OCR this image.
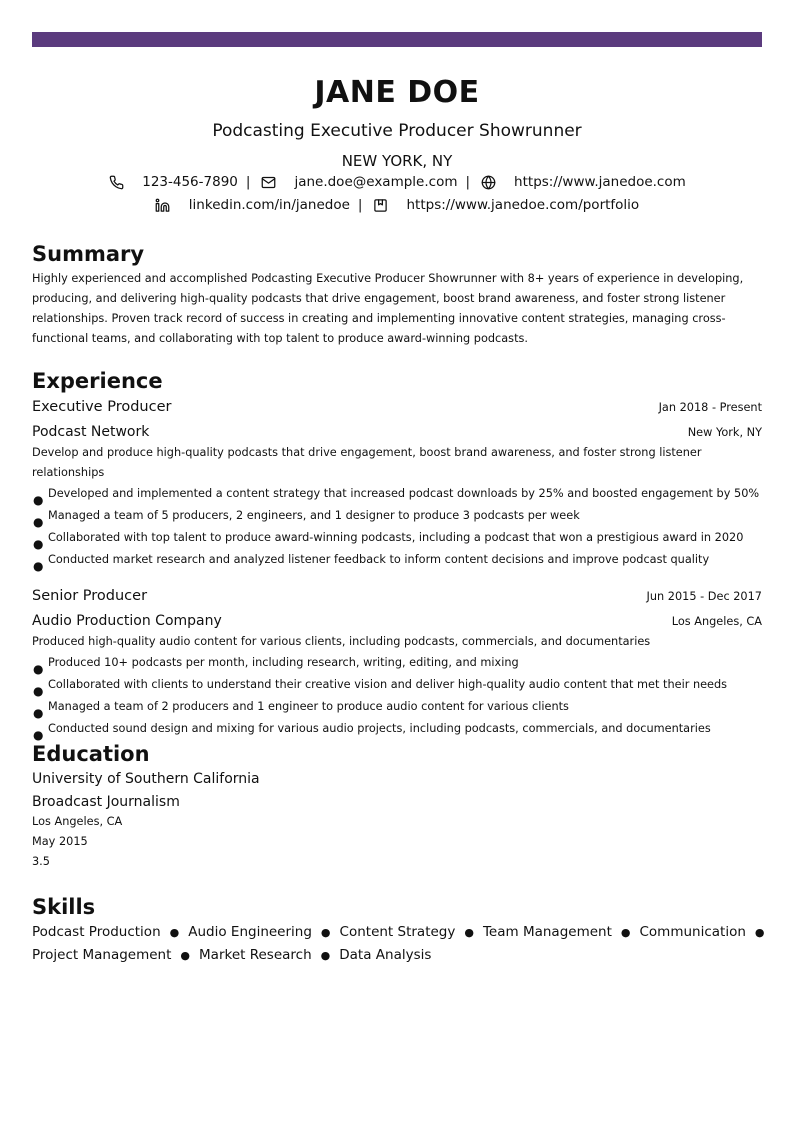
JANE DOE
Podcasting Executive Producer Showrunner
NEW YORK, NY
123-456-7890 |	jane.doe@example.com |	https://www.janedoe.com
linkedin.com/in/janedoe |	https://www.janedoe.com/portfolio
Summary
Highly experienced and accomplished Podcasting Executive Producer Showrunner with 8+ years of experience in developing, producing, and delivering high-quality podcasts that drive engagement, boost brand awareness, and foster strong listener relationships. Proven track record of success in creating and implementing innovative content strategies, managing cross-functional teams, and collaborating with top talent to produce award-winning podcasts.
Experience
Executive Producer	Jan 2018 - Present
Podcast Network	New York, NY
Develop and produce high-quality podcasts that drive engagement, boost brand awareness, and foster strong listener relationships
● Developed and implemented a content strategy that increased podcast downloads by 25% and boosted engagement by 50%
● Managed a team of 5 producers, 2 engineers, and 1 designer to produce 3 podcasts per week
● Collaborated with top talent to produce award-winning podcasts, including a podcast that won a prestigious award in 2020
● Conducted market research and analyzed listener feedback to inform content decisions and improve podcast quality
Senior Producer	Jun 2015 - Dec 2017
Audio Production Company	Los Angeles, CA
Produced high-quality audio content for various clients, including podcasts, commercials, and documentaries
● Produced 10+ podcasts per month, including research, writing, editing, and mixing
● Collaborated with clients to understand their creative vision and deliver high-quality audio content that met their needs
● Managed a team of 2 producers and 1 engineer to produce audio content for various clients
● Conducted sound design and mixing for various audio projects, including podcasts, commercials, and documentaries
Education
University of Southern California
Broadcast Journalism
Los Angeles, CA
May 2015
3.5
Skills
Podcast Production ● Audio Engineering ● Content Strategy ● Team Management ● Communication ●
Project Management ● Market Research ● Data Analysis
